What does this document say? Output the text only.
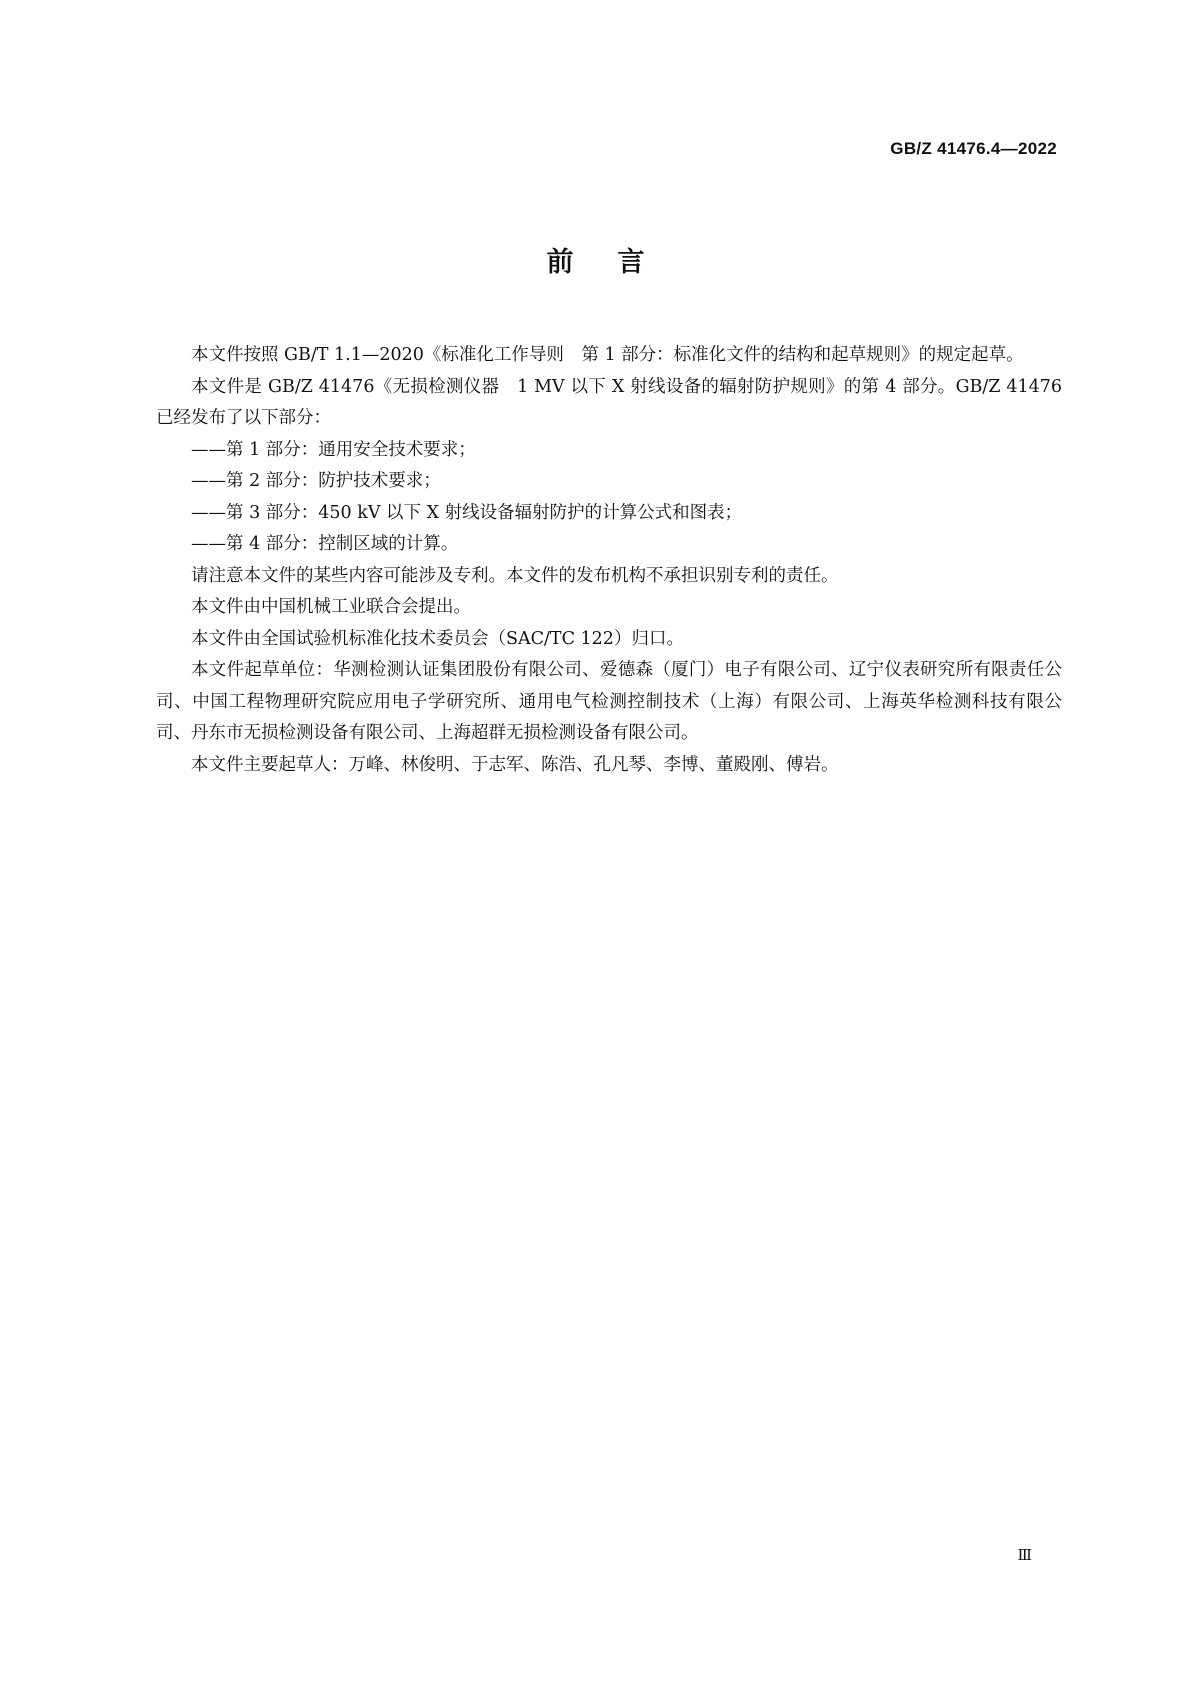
GB/Z 41476.4—2022
前言

本文件按照 GB/T 1.1—2020《标准化工作导则　第 1 部分：标准化文件的结构和起草规则》的规定起草。

本文件是 GB/Z 41476《无损检测仪器　1 MV 以下 X 射线设备的辐射防护规则》的第 4 部分。GB/Z 41476 已经发布了以下部分：

——第 1 部分：通用安全技术要求；

——第 2 部分：防护技术要求；

——第 3 部分：450 kV 以下 X 射线设备辐射防护的计算公式和图表；

——第 4 部分：控制区域的计算。

请注意本文件的某些内容可能涉及专利。本文件的发布机构不承担识别专利的责任。

本文件由中国机械工业联合会提出。

本文件由全国试验机标准化技术委员会（SAC/TC 122）归口。

本文件起草单位：华测检测认证集团股份有限公司、爱德森（厦门）电子有限公司、辽宁仪表研究所有限责任公司、中国工程物理研究院应用电子学研究所、通用电气检测控制技术（上海）有限公司、上海英华检测科技有限公司、丹东市无损检测设备有限公司、上海超群无损检测设备有限公司。

本文件主要起草人：万峰、林俊明、于志军、陈浩、孔凡琴、李博、董殿刚、傅岩。

Ⅲ
